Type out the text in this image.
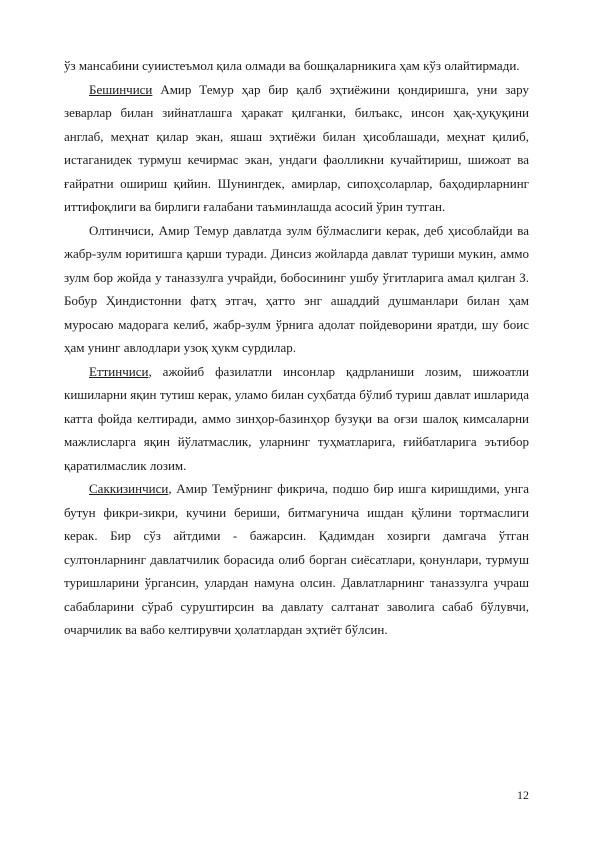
ўз мансабини суиистеъмол қила олмади ва бошқаларникига ҳам кўз олайтирмади.

Бешинчиси Амир Темур ҳар бир қалб эҳтиёжини қондиришга, уни зару зеварлар билан зийнатлашга ҳаракат қилганки, билъакс, инсон ҳақ-ҳуқуқини англаб, меҳнат қилар экан, яшаш эҳтиёжи билан ҳисоблашади, меҳнат қилиб, истаганидек турмуш кечирмас экан, ундаги фаолликни кучайтириш, шижоат ва ғайратни ошириш қийин. Шунингдек, амирлар, сипоҳсоларлар, баҳодирларнинг иттифоқлиги ва бирлиги ғалабани таъминлашда асосий ўрин тутган.

Олтинчиси, Амир Темур давлатда зулм бўлмаслиги керак, деб ҳисоблайди ва жабр-зулм юритишга қарши туради. Динсиз жойларда давлат туриши мукин, аммо зулм бор жойда у таназзулга учрайди, бобосининг ушбу ўгитларига амал қилган З. Бобур Ҳиндистонни фатҳ этгач, ҳатто энг ашаддий душманлари билан ҳам муросаю мадорага келиб, жабр-зулм ўрнига адолат пойдеворини яратди, шу боис ҳам унинг авлодлари узоқ ҳукм сурдилар.

Еттинчиси, ажойиб фазилатли инсонлар қадрланиши лозим, шижоатли кишиларни яқин тутиш керак, уламо билан суҳбатда бўлиб туриш давлат ишларида катта фойда келтиради, аммо зинҳор-базинҳор бузуқи ва оғзи шалоқ кимсаларни мажлисларга яқин йўлатмаслик, уларнинг туҳматларига, ғийбатларига эътибор қаратилмаслик лозим.

Саккизинчиси, Амир Темўрнинг фикрича, подшо бир ишга киришдими, унга бутун фикри-зикри, кучини бериши, битмагунича ишдан қўлини тортмаслиги керак. Бир сўз айтдими - бажарсин. Қадимдан хозирги дамгача ўтган султонларнинг давлатчилик борасида олиб борган сиёсатлари, қонунлари, турмуш туришларини ўргансин, улардан намуна олсин. Давлатларнинг таназзулга учраш сабабларини сўраб суруштирсин ва давлату салтанат заволига сабаб бўлувчи, очарчилик ва вабо келтирувчи ҳолатлардан эҳтиёт бўлсин.

12
